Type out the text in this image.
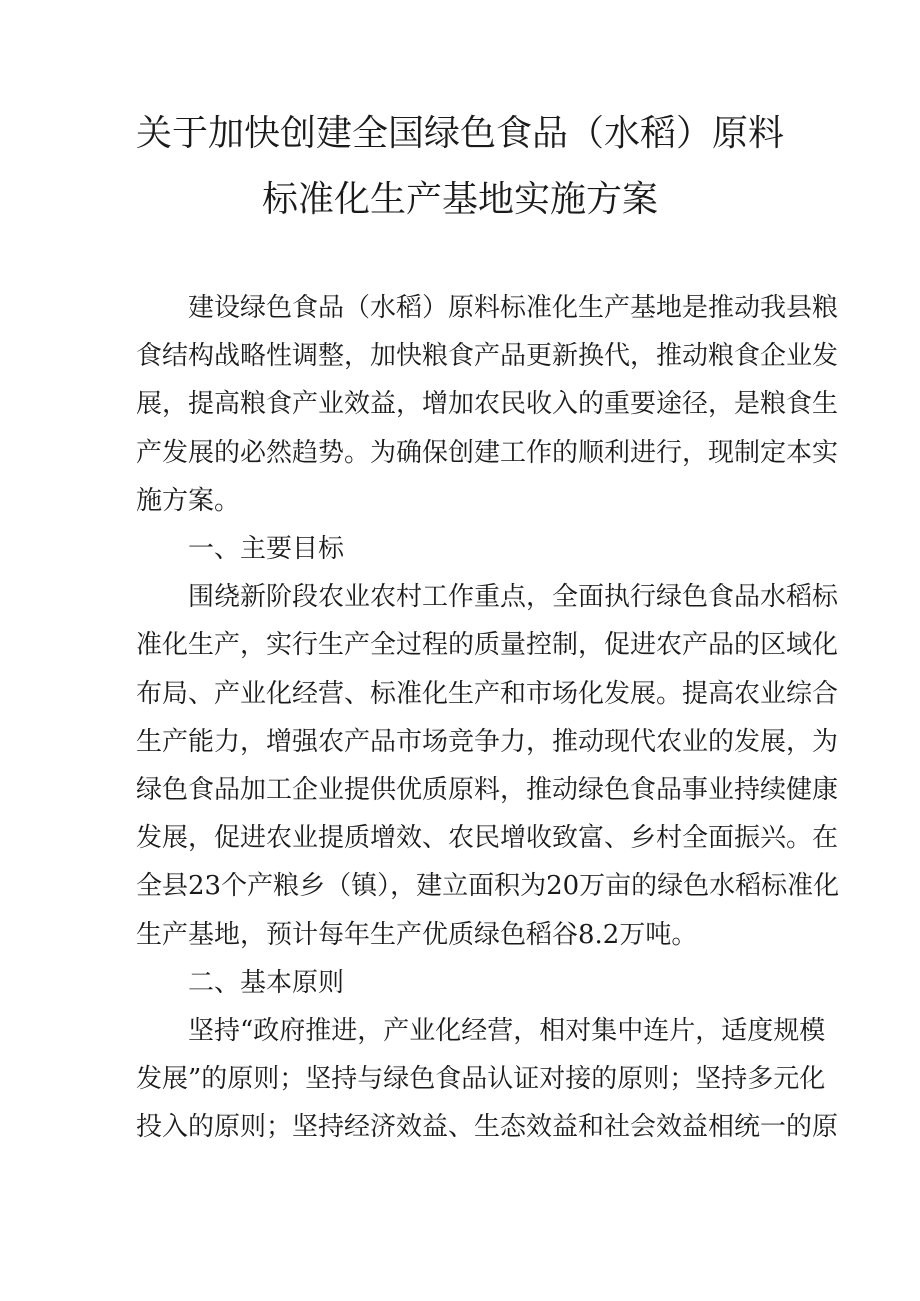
关于加快创建全国绿色食品（水稻）原料
标准化生产基地实施方案
建设绿色食品（水稻）原料标准化生产基地是推动我县粮
食结构战略性调整，加快粮食产品更新换代，推动粮食企业发
展，提高粮食产业效益，增加农民收入的重要途径，是粮食生
产发展的必然趋势。为确保创建工作的顺利进行，现制定本实
施方案。
一、主要目标
围绕新阶段农业农村工作重点，全面执行绿色食品水稻标
准化生产，实行生产全过程的质量控制，促进农产品的区域化
布局、产业化经营、标准化生产和市场化发展。提高农业综合
生产能力，增强农产品市场竞争力，推动现代农业的发展，为
绿色食品加工企业提供优质原料，推动绿色食品事业持续健康
发展，促进农业提质增效、农民增收致富、乡村全面振兴。在
全县23个产粮乡（镇），建立面积为20万亩的绿色水稻标准化
生产基地，预计每年生产优质绿色稻谷8.2万吨。
二、基本原则
坚持“政府推进，产业化经营，相对集中连片，适度规模
发展”的原则；坚持与绿色食品认证对接的原则；坚持多元化
投入的原则；坚持经济效益、生态效益和社会效益相统一的原
